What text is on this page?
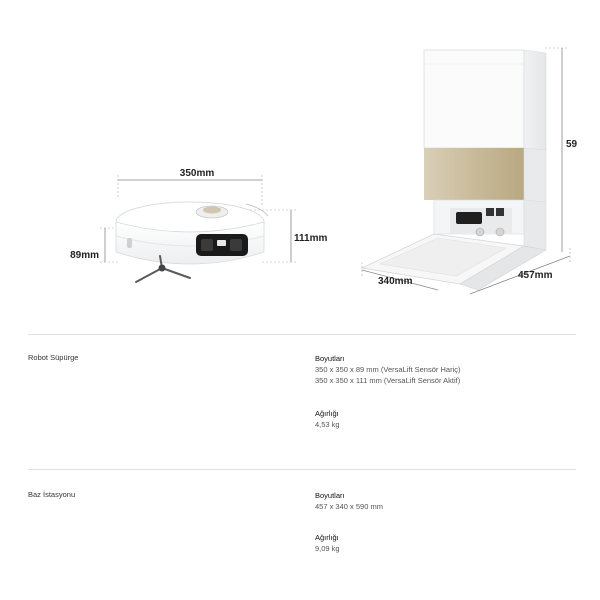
350mm
89mm
111mm
59
340mm
457mm
Robot Süpürge	Boyutları
350 x 350 x 89 mm (VersaLift Sensör Hariç)
350 x 350 x 111 mm (VersaLift Sensör Aktif)
Ağırlığı
4,53 kg
Baz İstasyonu	Boyutları
457 x 340 x 590 mm
Ağırlığı
9,09 kg
